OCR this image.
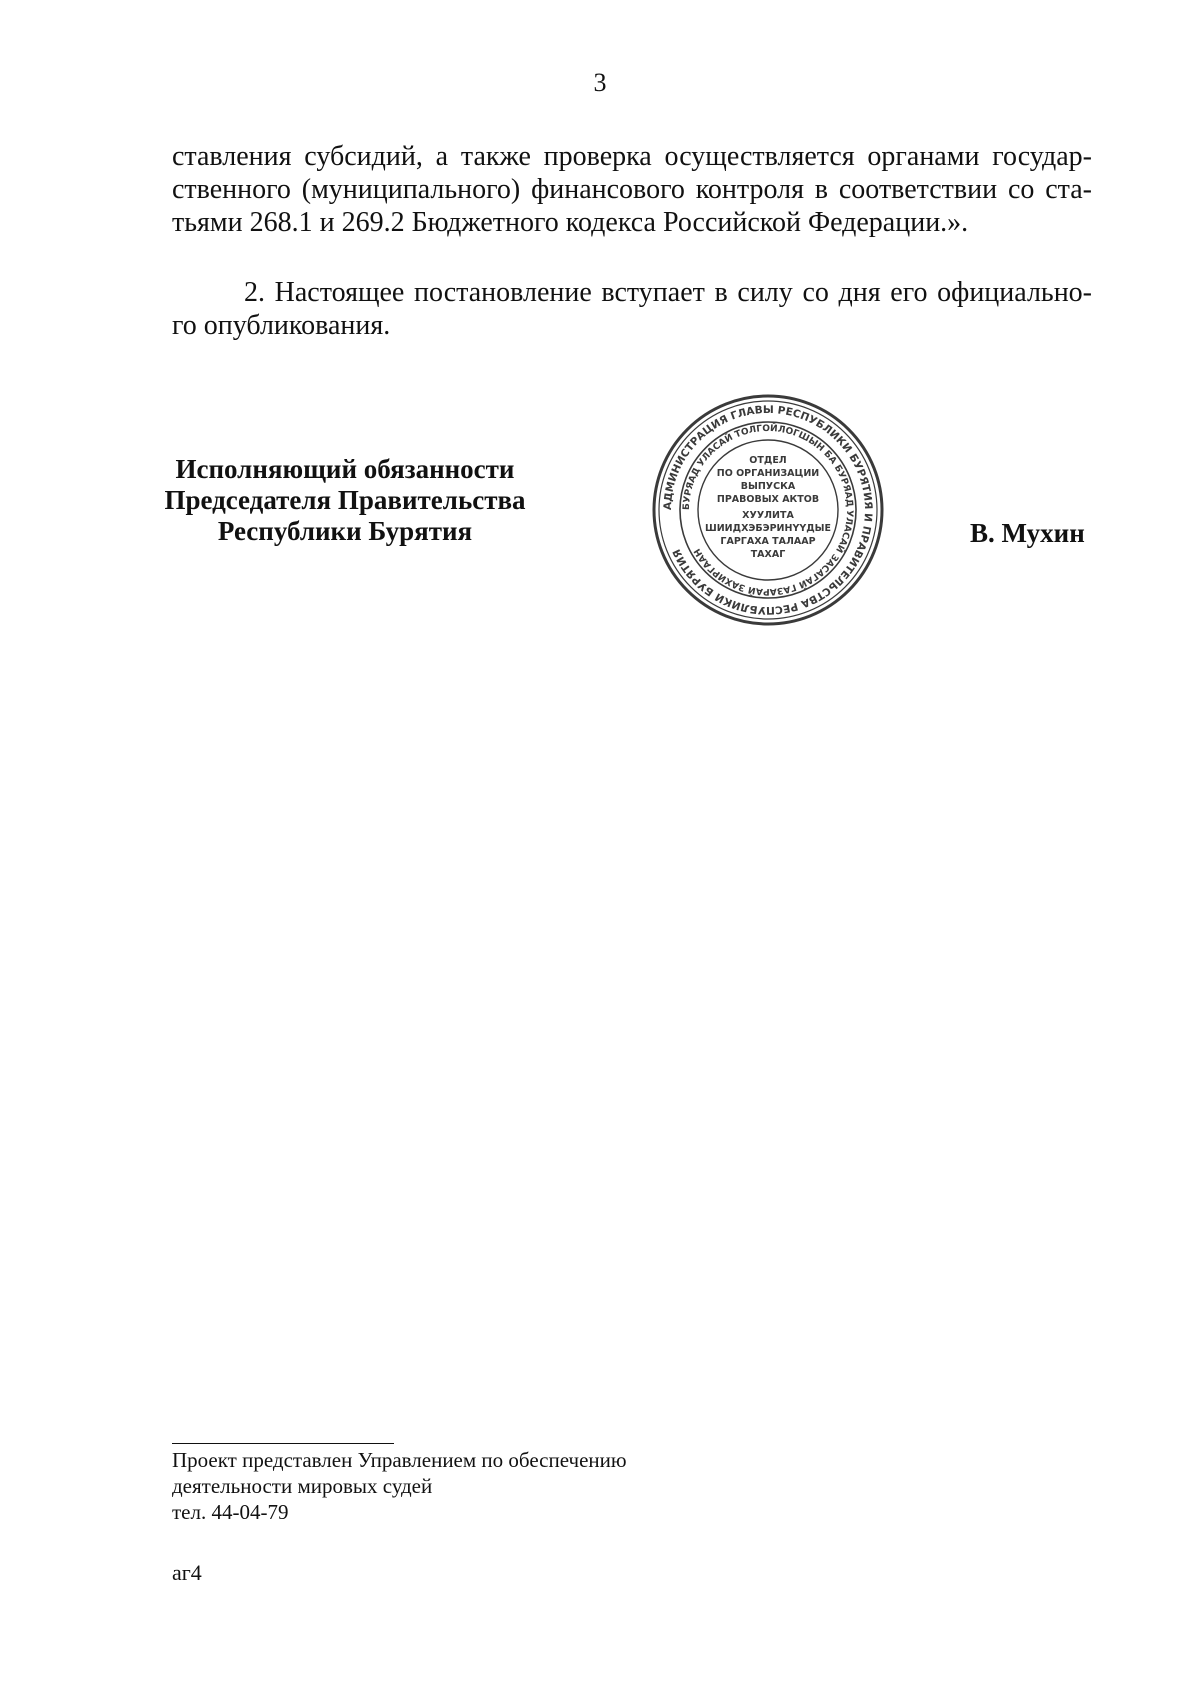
3
ставления субсидий, а также проверка осуществляется органами государ-
ственного (муниципального) финансового контроля в соответствии со ста-
тьями 268.1 и 269.2 Бюджетного кодекса Российской Федерации.».
2. Настоящее постановление вступает в силу со дня его официально-
го опубликования.
Исполняющий обязанности
Председателя Правительства
Республики Бурятия
АДМИНИСТРАЦИЯ ГЛАВЫ РЕСПУБЛИКИ БУРЯТИЯ И ПРАВИТЕЛЬСТВА РЕСПУБЛИКИ БУРЯТИЯ
БУРЯАД УЛАСАЙ ТОЛГОЙЛОГШЫН БА БУРЯАД УЛАСАЙ ЗАСАГАЙ ГАЗАРАЙ ЗАХИРГААН
ОТДЕЛ
ПО ОРГАНИЗАЦИИ
ВЫПУСКА
ПРАВОВЫХ АКТОВ
ХУУЛИТА
ШИИДХЭБЭРИНҮҮДЫЕ
ГАРГАХА ТАЛААР
ТАХАГ
В. Мухин
Проект представлен Управлением по обеспечению
деятельности мировых судей
тел. 44-04-79
аг4
